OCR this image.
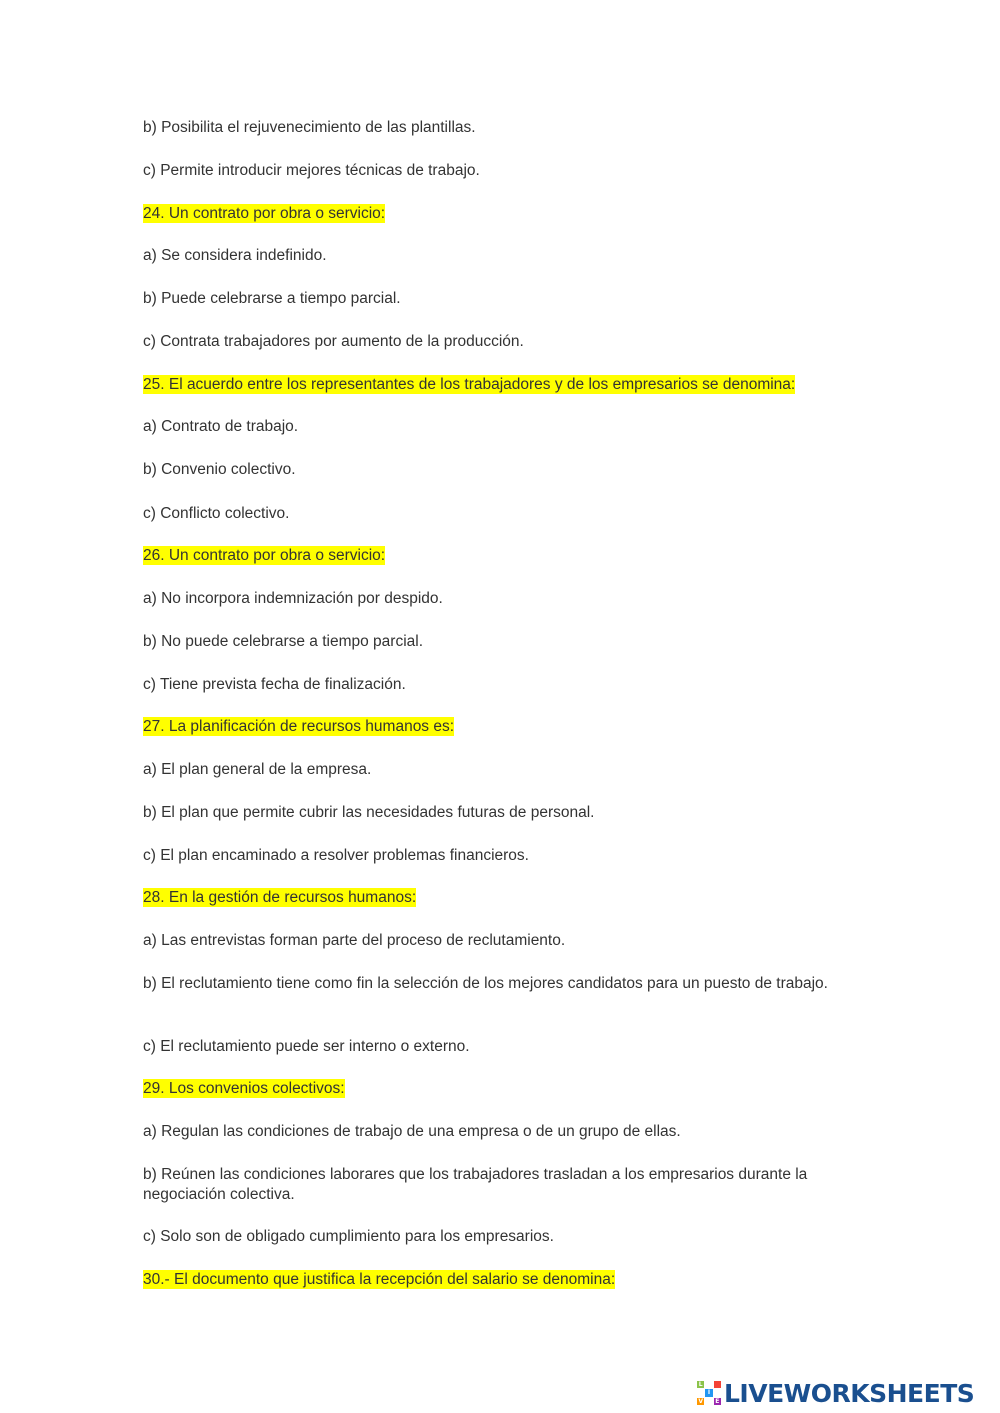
b) Posibilita el rejuvenecimiento de las plantillas.

c) Permite introducir mejores técnicas de trabajo.

24. Un contrato por obra o servicio:

a) Se considera indefinido.

b) Puede celebrarse a tiempo parcial.

c) Contrata trabajadores por aumento de la producción.

25. El acuerdo entre los representantes de los trabajadores y de los empresarios se denomina:

a) Contrato de trabajo.

b) Convenio colectivo.

c) Conflicto colectivo.

26. Un contrato por obra o servicio:

a) No incorpora indemnización por despido.

b) No puede celebrarse a tiempo parcial.

c) Tiene prevista fecha de finalización.

27. La planificación de recursos humanos es:

a) El plan general de la empresa.

b) El plan que permite cubrir las necesidades futuras de personal.

c) El plan encaminado a resolver problemas financieros.

28. En la gestión de recursos humanos:

a) Las entrevistas forman parte del proceso de reclutamiento.

b) El reclutamiento tiene como fin la selección de los mejores candidatos para un puesto de trabajo.

c) El reclutamiento puede ser interno o externo.

29. Los convenios colectivos:

a) Regulan las condiciones de trabajo de una empresa o de un grupo de ellas.

b) Reúnen las condiciones laborares que los trabajadores trasladan a los empresarios durante la negociación colectiva.

c) Solo son de obligado cumplimiento para los empresarios.

30.- El documento que justifica la recepción del salario se denomina:

L
I
V E LIVEWORKSHEETS
